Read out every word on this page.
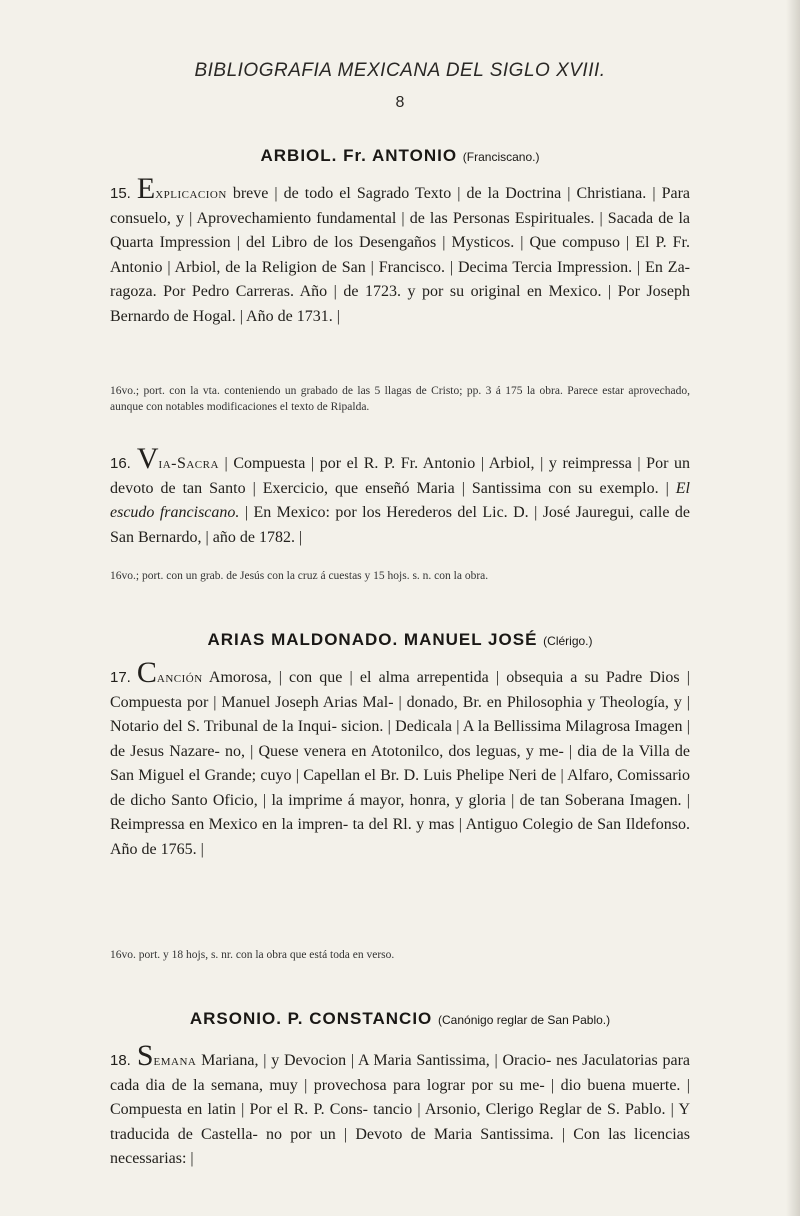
BIBLIOGRAFIA MEXICANA DEL SIGLO XVIII.
8
ARBIOL. Fr. ANTONIO (Franciscano.)
15. Explicacion breve | de todo el Sagrado Texto | de la Doctrina | Christiana. | Para consuelo, y | Aprovechamiento fundamental | de las Personas Espirituales. | Sacada de la Quarta Impression | del Libro de los Desengaños | Mysticos. | Que compuso | El P. Fr. Antonio | Arbiol, de la Religion de San | Francisco. | Decima Tercia Impression. | En Za- ragoza. Por Pedro Carreras. Año | de 1723. y por su original en Mexico. | Por Joseph Bernardo de Hogal. | Año de 1731. |
16vo.; port. con la vta. conteniendo un grabado de las 5 llagas de Cristo; pp. 3 á 175 la obra. Parece estar aprovechado, aunque con notables modificaciones el texto de Ripalda.
16. Via-Sacra | Compuesta | por el R. P. Fr. Antonio | Arbiol, | y reimpressa | Por un devoto de tan Santo | Exercicio, que enseñó Maria | Santissima con su exemplo. | El escudo franciscano. | En Mexico: por los Herederos del Lic. D. | José Jauregui, calle de San Bernardo, | año de 1782. |
16vo.; port. con un grab. de Jesús con la cruz á cuestas y 15 hojs. s. n. con la obra.
ARIAS MALDONADO. MANUEL JOSÉ (Clérigo.)
17. Canción Amorosa, | con que | el alma arrepentida | obsequia a su Padre Dios | Compuesta por | Manuel Joseph Arias Mal- | donado, Br. en Philosophia y Theología, y | Notario del S. Tribunal de la Inqui- sicion. | Dedicala | A la Bellissima Milagrosa Imagen | de Jesus Nazare- no, | Quese venera en Atotonilco, dos leguas, y me- | dia de la Villa de San Miguel el Grande; cuyo | Capellan el Br. D. Luis Phelipe Neri de | Alfaro, Comissario de dicho Santo Oficio, | la imprime á mayor, honra, y gloria | de tan Soberana Imagen. | Reimpressa en Mexico en la impren- ta del Rl. y mas | Antiguo Colegio de San Ildefonso. Año de 1765. |
16vo. port. y 18 hojs, s. nr. con la obra que está toda en verso.
ARSONIO. P. CONSTANCIO (Canónigo reglar de San Pablo.)
18. Semana Mariana, | y Devocion | A Maria Santissima, | Oracio- nes Jaculatorias para cada dia de la semana, muy | provechosa para lograr por su me- | dio buena muerte. | Compuesta en latin | Por el R. P. Cons- tancio | Arsonio, Clerigo Reglar de S. Pablo. | Y traducida de Castella- no por un | Devoto de Maria Santissima. | Con las licencias necessarias: |
